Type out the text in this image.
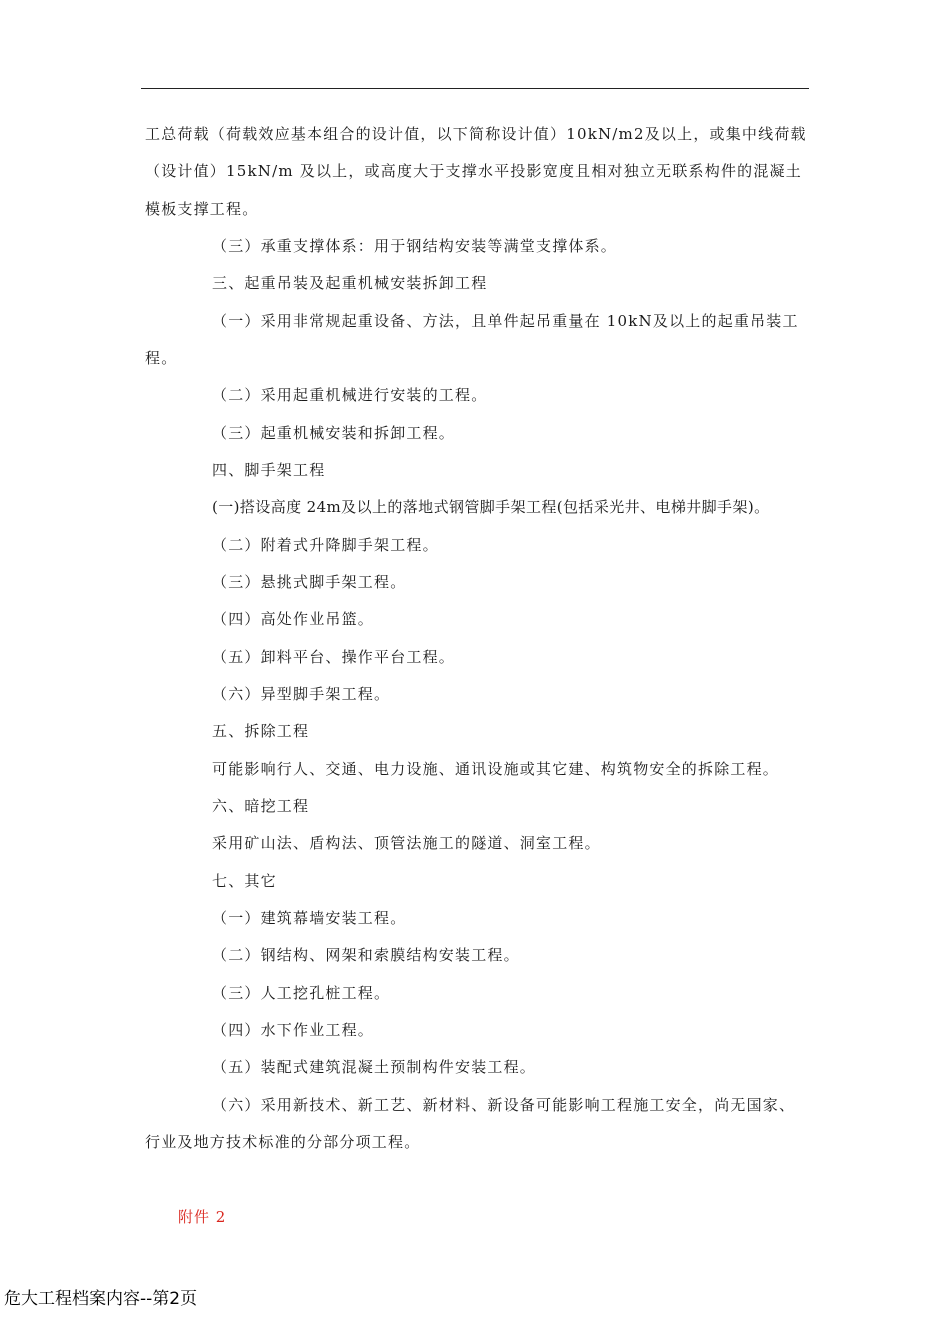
工总荷载（荷载效应基本组合的设计值，以下简称设计值）10kN/m2及以上，或集中线荷载
（设计值）15kN/m 及以上，或高度大于支撑水平投影宽度且相对独立无联系构件的混凝土
模板支撑工程。
（三）承重支撑体系：用于钢结构安装等满堂支撑体系。
三、起重吊装及起重机械安装拆卸工程
（一）采用非常规起重设备、方法，且单件起吊重量在 10kN及以上的起重吊装工
程。
（二）采用起重机械进行安装的工程。
（三）起重机械安装和拆卸工程。
四、脚手架工程
(一)搭设高度 24m及以上的落地式钢管脚手架工程(包括采光井、电梯井脚手架)。
（二）附着式升降脚手架工程。
（三）悬挑式脚手架工程。
（四）高处作业吊篮。
（五）卸料平台、操作平台工程。
（六）异型脚手架工程。
五、拆除工程
可能影响行人、交通、电力设施、通讯设施或其它建、构筑物安全的拆除工程。
六、暗挖工程
采用矿山法、盾构法、顶管法施工的隧道、洞室工程。
七、其它
（一）建筑幕墙安装工程。
（二）钢结构、网架和索膜结构安装工程。
（三）人工挖孔桩工程。
（四）水下作业工程。
（五）装配式建筑混凝土预制构件安装工程。
（六）采用新技术、新工艺、新材料、新设备可能影响工程施工安全，尚无国家、
行业及地方技术标准的分部分项工程。
附件 2
危大工程档案内容--第2页
